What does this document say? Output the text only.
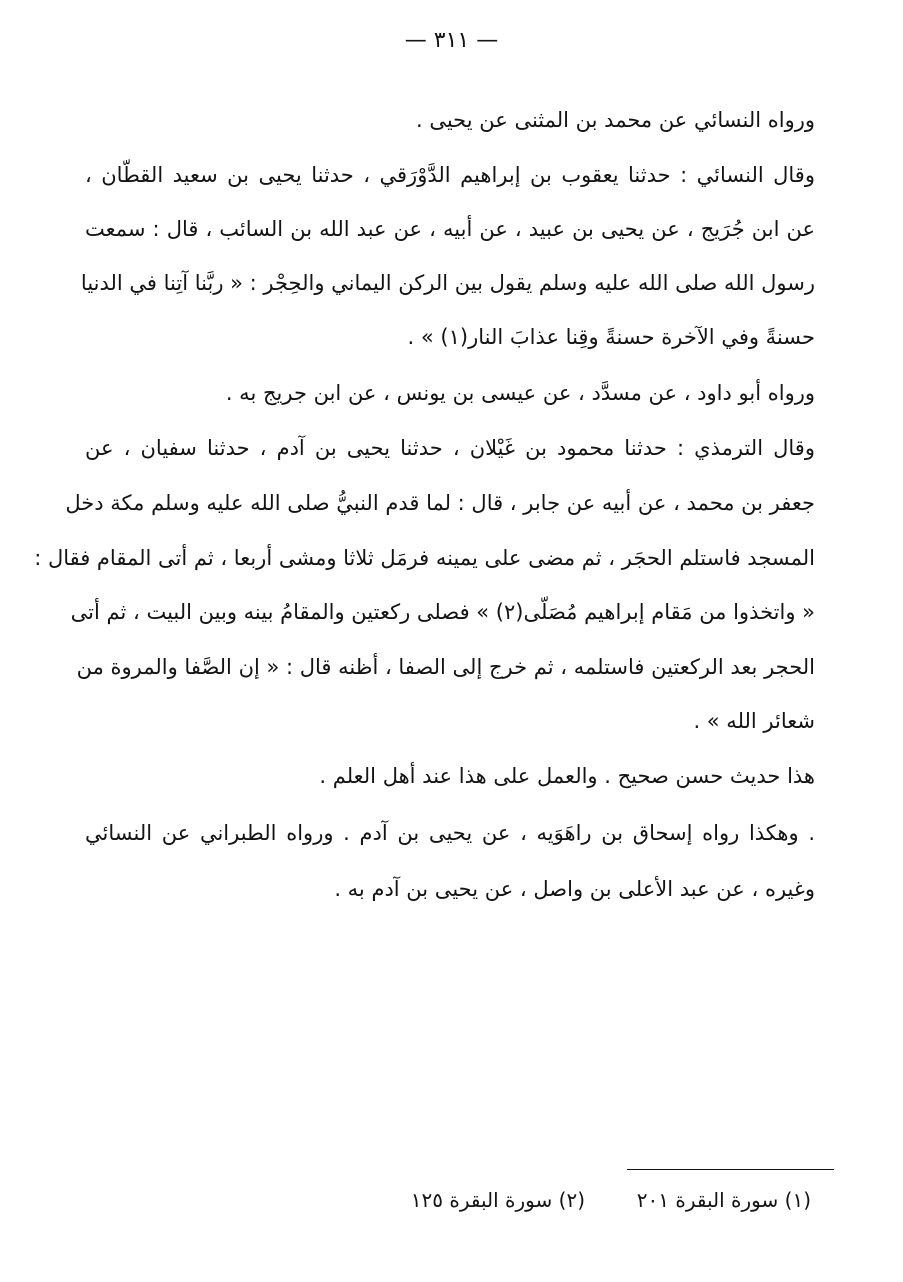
— ٣١١ —
ورواه النسائي عن محمد بن المثنى عن يحيى .
وقال النسائي : حدثنا يعقوب بن إبراهيم الدَّوْرَقي ، حدثنا يحيى بن سعيد القطّان ،
عن ابن جُرَيج ، عن يحيى بن عبيد ، عن أبيه ، عن عبد الله بن السائب ، قال : سمعت
رسول الله صلى الله عليه وسلم يقول بين الركن اليماني والحِجْر : « ربَّنا آتِنا في الدنيا
حسنةً وفي الآخرة حسنةً وقِنا عذابَ النار(١) » .
ورواه أبو داود ، عن مسدَّد ، عن عيسى بن يونس ، عن ابن جريج به .
وقال الترمذي : حدثنا محمود بن غَيْلان ، حدثنا يحيى بن آدم ، حدثنا سفيان ، عن
جعفر بن محمد ، عن أبيه عن جابر ، قال : لما قدم النبيُّ صلى الله عليه وسلم مكة دخل
المسجد فاستلم الحجَر ، ثم مضى على يمينه فرمَل ثلاثا ومشى أربعا ، ثم أتى المقام فقال :
« واتخذوا من مَقام إبراهيم مُصَلّى(٢) » فصلى ركعتين والمقامُ بينه وبين البيت ، ثم أتى
الحجر بعد الركعتين فاستلمه ، ثم خرج إلى الصفا ، أظنه قال : « إن الصَّفا والمروة من
شعائر الله » .
هذا حديث حسن صحيح . والعمل على هذا عند أهل العلم .
. وهكذا رواه إسحاق بن راهَوَيه ، عن يحيى بن آدم . ورواه الطبراني عن النسائي
وغيره ، عن عبد الأعلى بن واصل ، عن يحيى بن آدم به .
(١) سورة البقرة ٢٠١
(٢) سورة البقرة ١٢٥
